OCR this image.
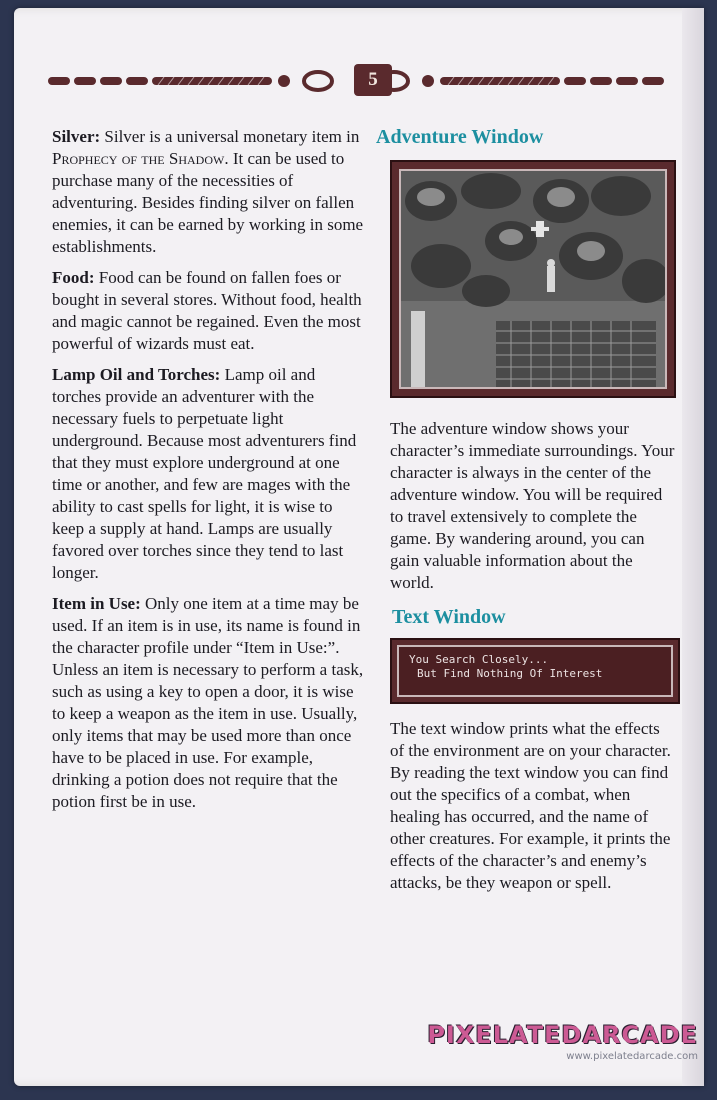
5

Silver: Silver is a universal monetary item in Prophecy of the Shadow. It can be used to purchase many of the necessities of adventuring. Besides finding silver on fallen enemies, it can be earned by working in some establishments.

Food: Food can be found on fallen foes or bought in several stores. Without food, health and magic cannot be regained. Even the most powerful of wizards must eat.

Lamp Oil and Torches: Lamp oil and torches provide an adventurer with the necessary fuels to perpetuate light underground. Because most adventurers find that they must explore underground at one time or another, and few are mages with the ability to cast spells for light, it is wise to keep a supply at hand. Lamps are usually favored over torches since they tend to last longer.

Item in Use: Only one item at a time may be used. If an item is in use, its name is found in the character profile under “Item in Use:”. Unless an item is necessary to perform a task, such as using a key to open a door, it is wise to keep a weapon as the item in use. Usually, only items that may be used more than once have to be placed in use. For example, drinking a potion does not require that the potion first be in use.

Adventure Window

The adventure window shows your character’s immediate surroundings. Your character is always in the center of the adventure window. You will be required to travel extensively to complete the game. By wandering around, you can gain valuable information about the world.

Text Window
You Search Closely...
But Find Nothing Of Interest

The text window prints what the effects of the environment are on your character. By reading the text window you can find out the specifics of a combat, when healing has occurred, and the name of other creatures. For example, it prints the effects of the character’s and enemy’s attacks, be they weapon or spell.

PIXELATEDARCADE
www.pixelatedarcade.com
